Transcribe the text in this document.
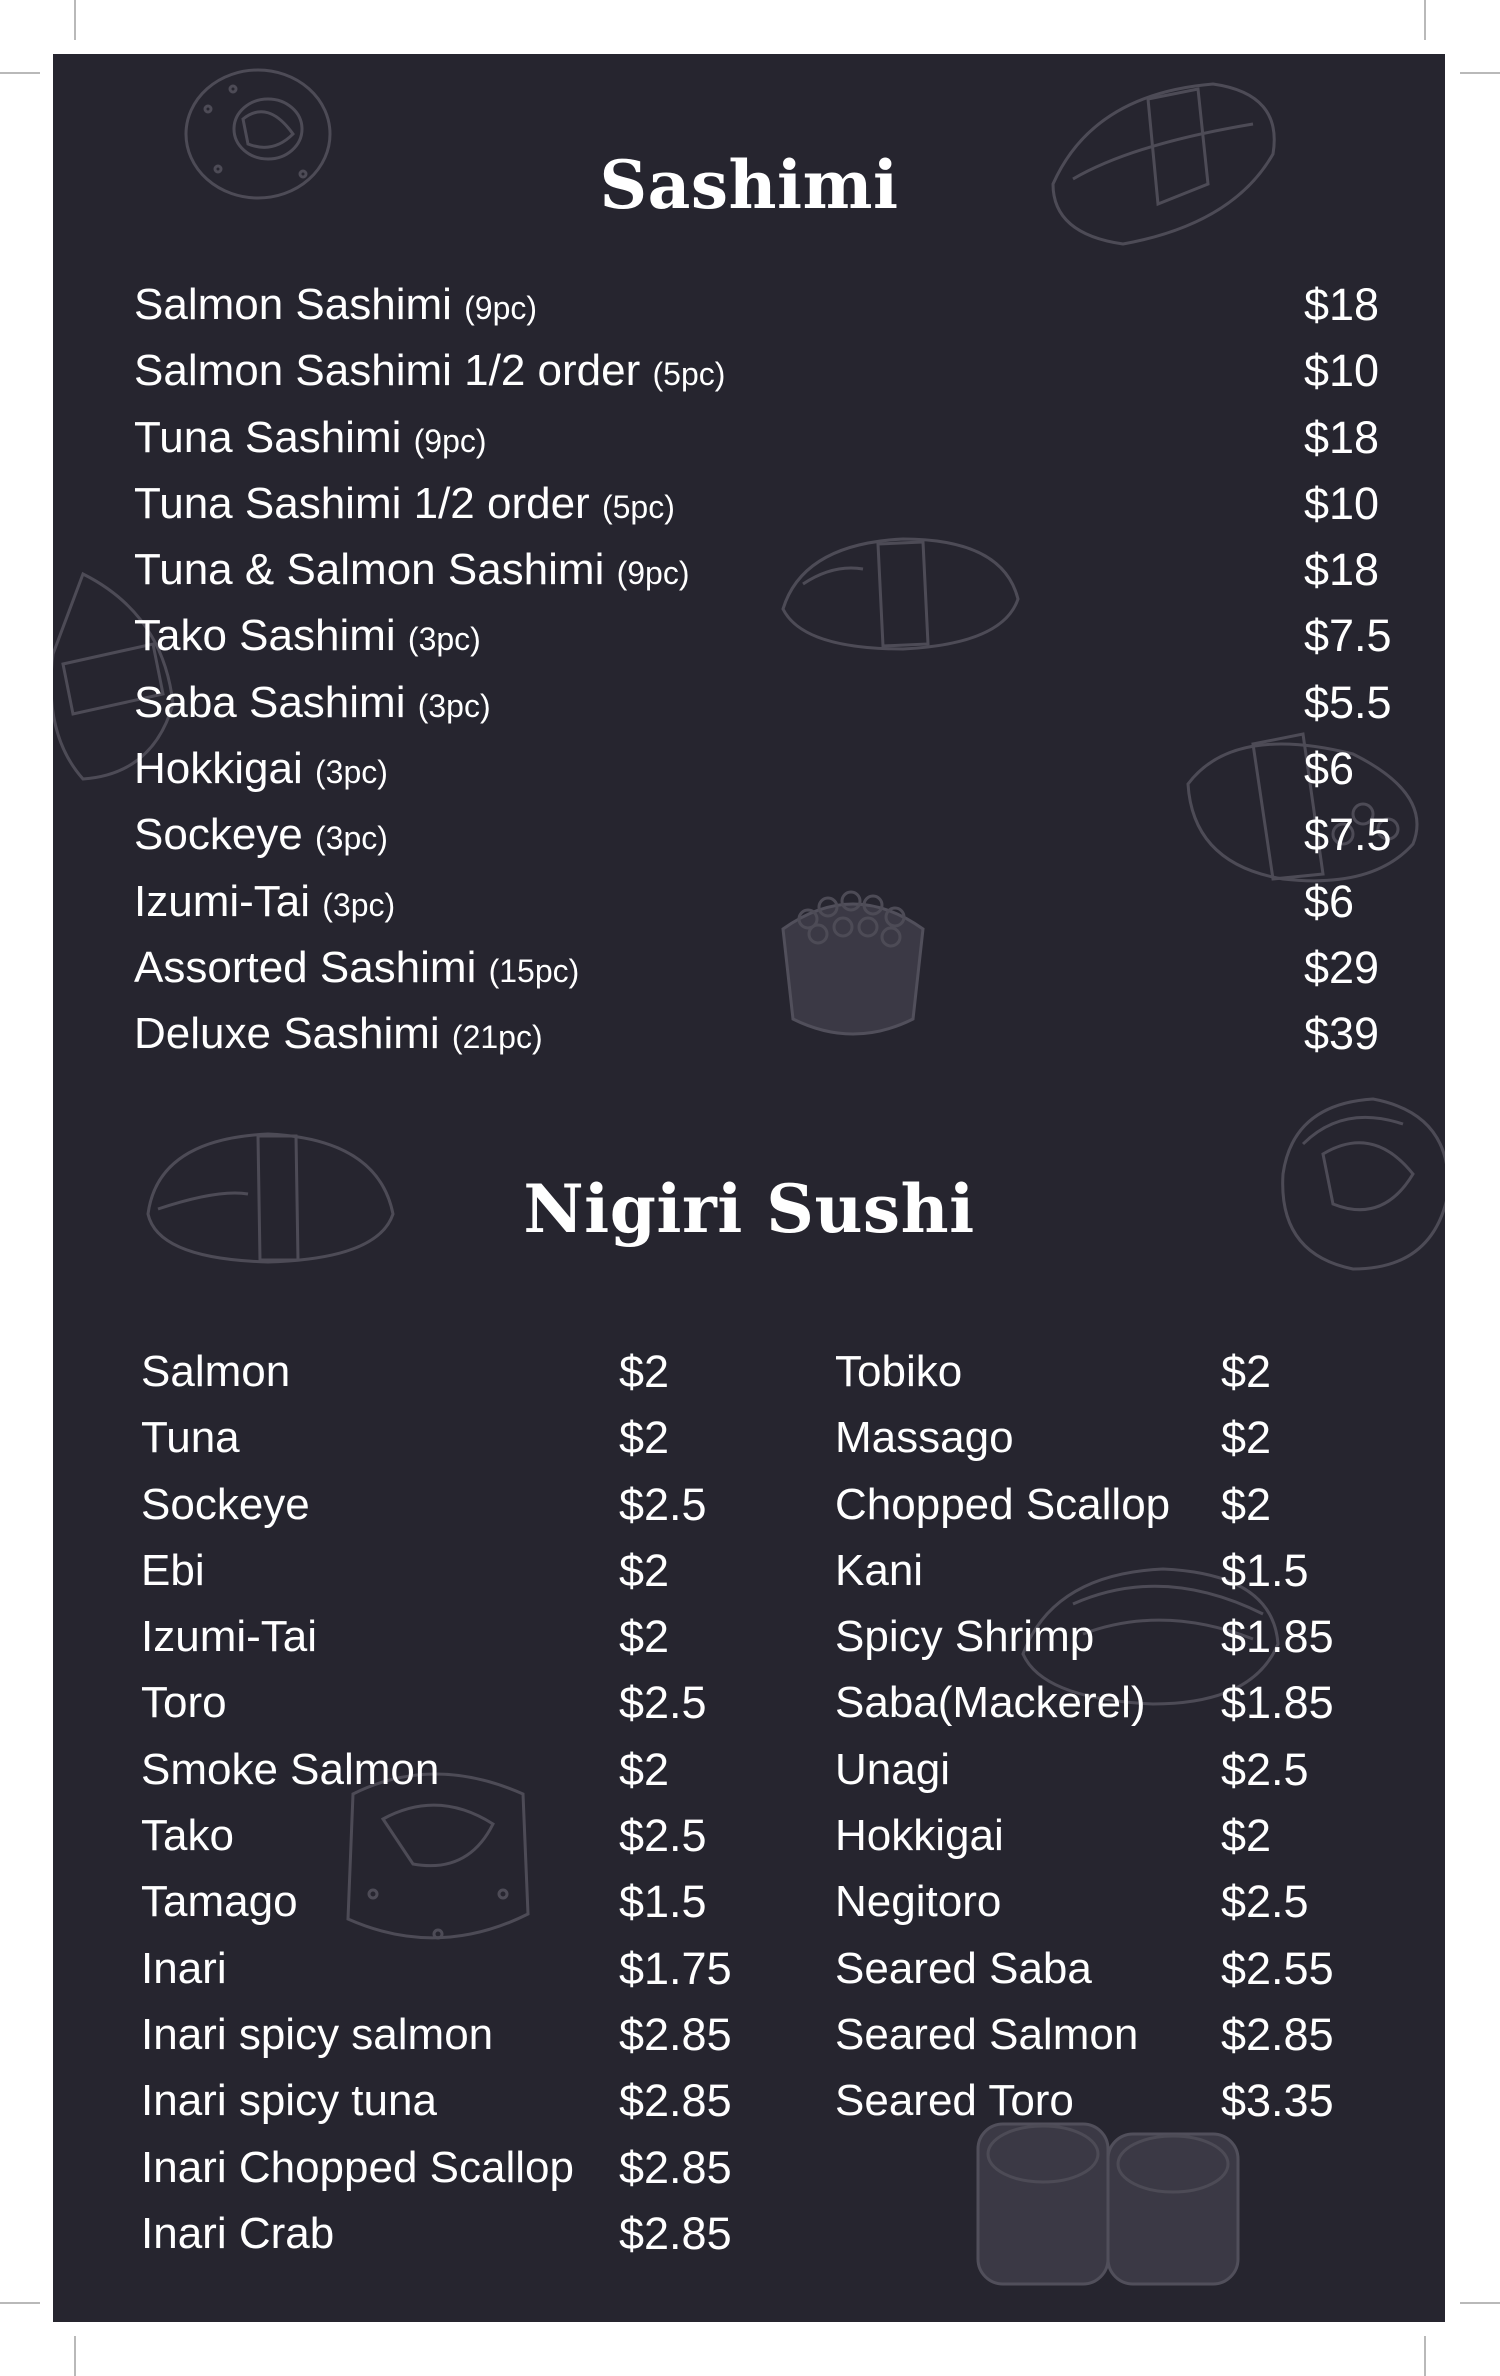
Sashimi
Salmon Sashimi (9pc)	$18
Salmon Sashimi 1/2 order (5pc)	$10
Tuna Sashimi (9pc)	$18
Tuna Sashimi 1/2 order (5pc)	$10
Tuna & Salmon Sashimi (9pc)	$18
Tako Sashimi (3pc)	$7.5
Saba Sashimi (3pc)	$5.5
Hokkigai (3pc)	$6
Sockeye (3pc)	$7.5
Izumi-Tai (3pc)	$6
Assorted Sashimi (15pc)	$29
Deluxe Sashimi (21pc)	$39
Nigiri Sushi
Salmon	$2
Tuna	$2
Sockeye	$2.5
Ebi	$2
Izumi-Tai	$2
Toro	$2.5
Smoke Salmon	$2
Tako	$2.5
Tamago	$1.5
Inari	$1.75
Inari spicy salmon	$2.85
Inari spicy tuna	$2.85
Inari Chopped Scallop $2.85
Inari Crab	$2.85
Tobiko	$2
Massago	$2
Chopped Scallop $2
Kani	$1.5
Spicy Shrimp	$1.85
Saba(Mackerel) $1.85
Unagi	$2.5
Hokkigai	$2
Negitoro	$2.5
Seared Saba	$2.55
Seared Salmon $2.85
Seared Toro	$3.35
